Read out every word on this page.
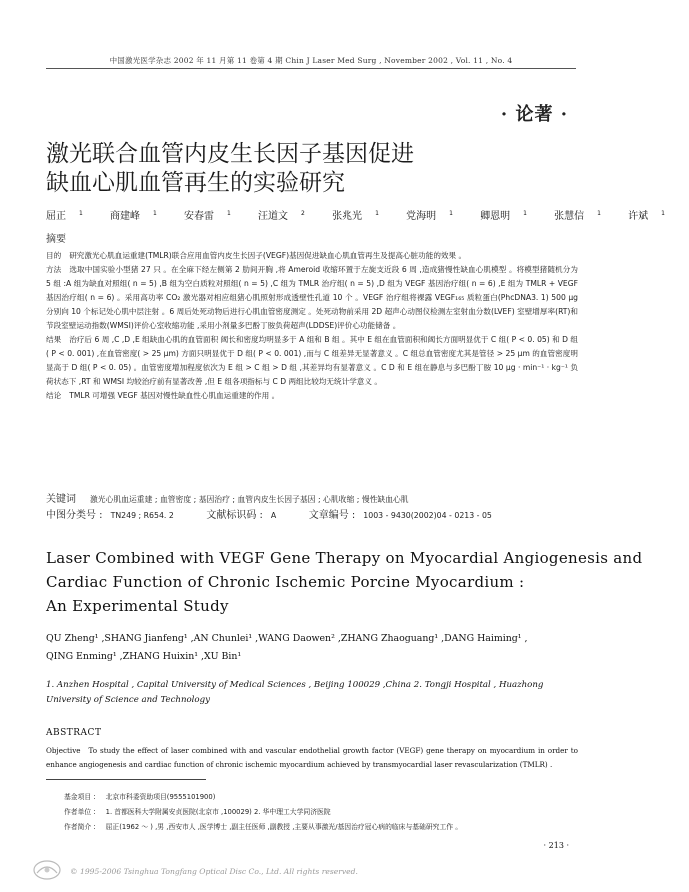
中国激光医学杂志 2002 年 11 月第 11 卷第 4 期 Chin J Laser Med Surg , November 2002 , Vol. 11 , No. 4
· 论著 ·
激光联合血管内皮生长因子基因促进
缺血心肌血管再生的实验研究
屈正 $^1$	商建峰 $^1$	安春雷 $^1$	汪道文 $^2$	张兆光 $^1$	党海明 $^1$	卿恩明 $^1$	张慧信 $^1$	许斌 $^1$
摘要

目的 研究激光心肌血运重建(TMLR)联合应用血管内皮生长因子(VEGF)基因促进缺血心肌血管再生及提高心脏功能的效果 。

方法 选取中国实验小型猪 27 只 。在全麻下经左侧第 2 肋间开胸 ,将 Ameroid 收缩环置于左旋支近段 6 周 ,造成猪慢性缺血心肌模型 。将模型猪随机分为 5 组 :A 组为缺血对照组( n = 5) ,B 组为空白质粒对照组( n = 5) ,C 组为 TMLR 治疗组( n = 5) ,D 组为 VEGF 基因治疗组( n = 6) ,E 组为 TMLR + VEGF 基因治疗组( n = 6) 。采用高功率 CO₂ 激光器对相应组猪心肌照射形成透壁性孔道 10 个 。VEGF 治疗组将裸露 VEGF₁₆₅ 质粒蛋白(PhcDNA3. 1) 500 μg 分别向 10 个标记处心肌中层注射 。6 周后处死动物后进行心肌血管密度测定 。处死动物前采用 2D 超声心动图仪检测左室射血分数(LVEF) 室壁增厚率(RT)和节段室壁运动指数(WMSI)评价心室收缩功能 ,采用小剂量多巴酚丁胺负荷超声(LDDSE)评价心功能储备 。

结果 治疗后 6 周 ,C ,D ,E 组缺血心肌的血管面积 阈长和密度均明显多于 A 组和 B 组 。其中 E 组在血管面积和阈长方面明显优于 C 组( P < 0. 05) 和 D 组( P < 0. 001) ,在血管密度( > 25 μm) 方面只明显优于 D 组( P < 0. 001) ,而与 C 组差异无显著意义 。C 组总血管密度尤其是管径 > 25 μm 的血管密度明显高于 D 组( P < 0. 05) 。血管密度增加程度依次为 E 组 > C 组 > D 组 ,其差异均有显著意义 。C D 和 E 组在静息与多巴酚丁胺 10 μg · min⁻¹ · kg⁻¹ 负荷状态下 ,RT 和 WMSI 均较治疗前有显著改善 ,但 E 组各项指标与 C D 两组比较均无统计学意义 。

结论 TMLR 可增强 VEGF 基因对慢性缺血性心肌血运重建的作用 。

关键词 激光心肌血运重建 ; 血管密度 ; 基因治疗 ; 血管内皮生长因子基因 ; 心肌收缩 ; 慢性缺血心肌
中图分类号 : TN249 ; R654. 2	文献标识码 : A	文章编号 : 1003 - 9430(2002)04 - 0213 - 05
Laser Combined with VEGF Gene Therapy on Myocardial Angiogenesis and
Cardiac Function of Chronic Ischemic Porcine Myocardium :
An Experimental Study
QU Zheng¹ ,SHANG Jianfeng¹ ,AN Chunlei¹ ,WANG Daowen² ,ZHANG Zhaoguang¹ ,DANG Haiming¹ ,
QING Enming¹ ,ZHANG Huixin¹ ,XU Bin¹
1. Anzhen Hospital , Capital University of Medical Sciences , Beijing 100029 ,China 2. Tongji Hospital , Huazhong University of Science and Technology
ABSTRACT
Objective To study the effect of laser combined with and vascular endothelial growth factor (VEGF) gene therapy on myocardium in order to enhance angiogenesis and cardiac function of chronic ischemic myocardium achieved by transmyocardial laser revascularization (TMLR) .
基金项目 : 北京市科委资助项目(9555101900)
作者单位 : 1. 首都医科大学附属安贞医院(北京市 ,100029) 2. 华中理工大学同济医院
作者简介 : 屈正(1962 ～ ) ,男 ,西安市人 ,医学博士 ,副主任医师 ,副教授 ,主要从事激光/基因治疗冠心病的临床与基础研究工作 。
· 213 ·
© 1995-2006 Tsinghua Tongfang Optical Disc Co., Ltd. All rights reserved.
